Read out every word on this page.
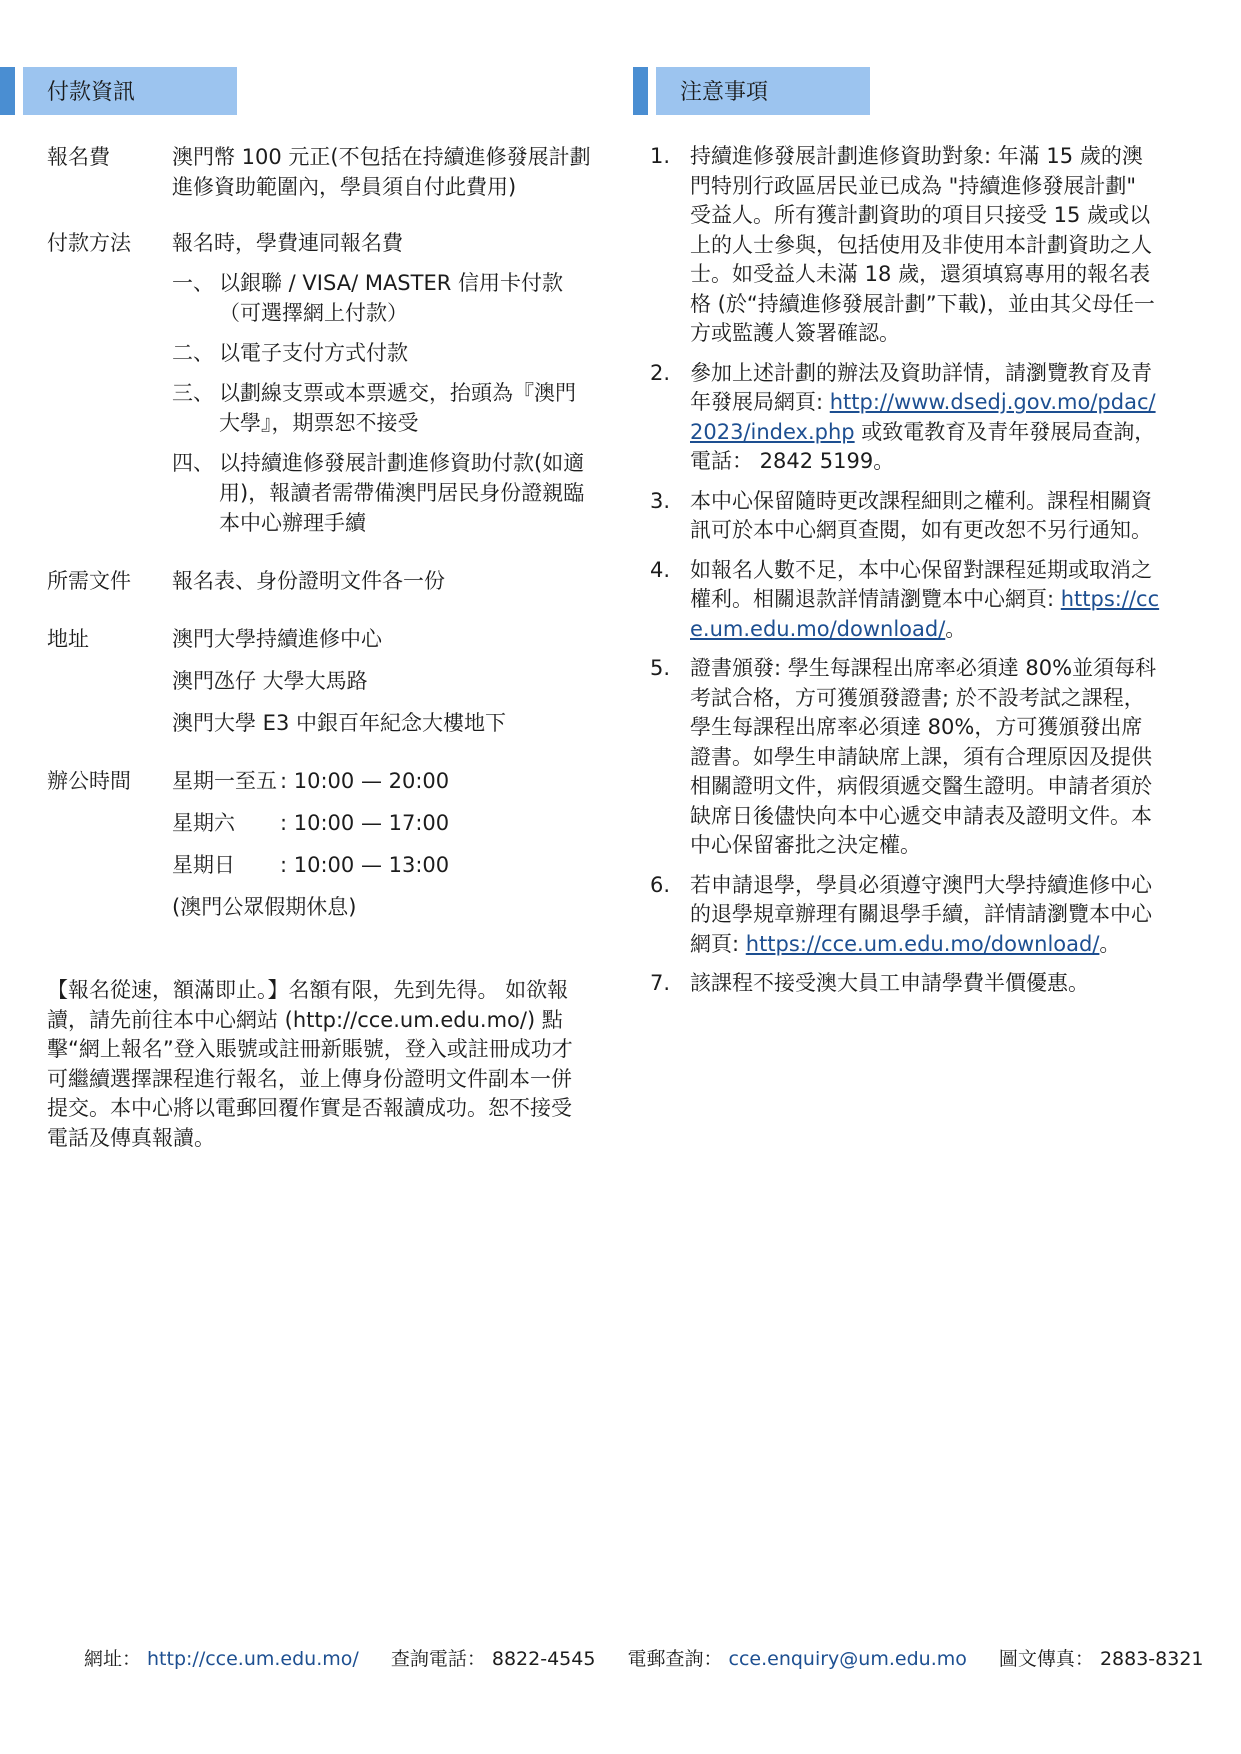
付款資訊	注意事項
報名費	澳門幣 100 元正(不包括在持續進修發展計劃進修資助範圍內，學員須自付此費用)
付款方法	報名時，學費連同報名費
一、 以銀聯 / VISA/ MASTER 信用卡付款（可選擇網上付款）
二、 以電子支付方式付款
三、 以劃線支票或本票遞交，抬頭為『澳門大學』，期票恕不接受
四、 以持續進修發展計劃進修資助付款(如適用)，報讀者需帶備澳門居民身份證親臨本中心辦理手續
所需文件	報名表、身份證明文件各一份
地址	澳門大學持續進修中心
澳門氹仔 大學大馬路
澳門大學 E3 中銀百年紀念大樓地下
辦公時間	星期一至五 : 10:00 — 20:00
星期六	: 10:00 — 17:00
星期日	: 10:00 — 13:00
(澳門公眾假期休息)
【報名從速，額滿即止。】名額有限，先到先得。 如欲報讀，請先前往本中心網站 (http://cce.um.edu.mo/) 點擊“網上報名”登入賬號或註冊新賬號，登入或註冊成功才可繼續選擇課程進行報名，並上傳身份證明文件副本一併提交。本中心將以電郵回覆作實是否報讀成功。恕不接受電話及傳真報讀。
1. 持續進修發展計劃進修資助對象: 年滿 15 歲的澳門特別行政區居民並已成為 "持續進修發展計劃" 受益人。所有獲計劃資助的項目只接受 15 歲或以上的人士參與，包括使用及非使用本計劃資助之人士。如受益人未滿 18 歲，還須填寫專用的報名表格 (於“持續進修發展計劃”下載)，並由其父母任一方或監護人簽署確認。
2. 參加上述計劃的辦法及資助詳情，請瀏覽教育及青年發展局網頁: http://www.dsedj.gov.mo/pdac/2023/index.php 或致電教育及青年發展局查詢，電話： 2842 5199。
3. 本中心保留隨時更改課程細則之權利。課程相關資訊可於本中心網頁查閱，如有更改恕不另行通知。
4. 如報名人數不足，本中心保留對課程延期或取消之權利。相關退款詳情請瀏覽本中心網頁: https://cce.um.edu.mo/download/。
5. 證書頒發: 學生每課程出席率必須達 80%並須每科考試合格，方可獲頒發證書; 於不設考試之課程，學生每課程出席率必須達 80%，方可獲頒發出席證書。如學生申請缺席上課，須有合理原因及提供相關證明文件，病假須遞交醫生證明。申請者須於缺席日後儘快向本中心遞交申請表及證明文件。本中心保留審批之決定權。
6. 若申請退學，學員必須遵守澳門大學持續進修中心的退學規章辦理有關退學手續，詳情請瀏覽本中心網頁: https://cce.um.edu.mo/download/。
7. 該課程不接受澳大員工申請學費半價優惠。
網址： http://cce.um.edu.mo/ 查詢電話： 8822-4545 電郵查詢： cce.enquiry@um.edu.mo 圖文傳真： 2883-8321
